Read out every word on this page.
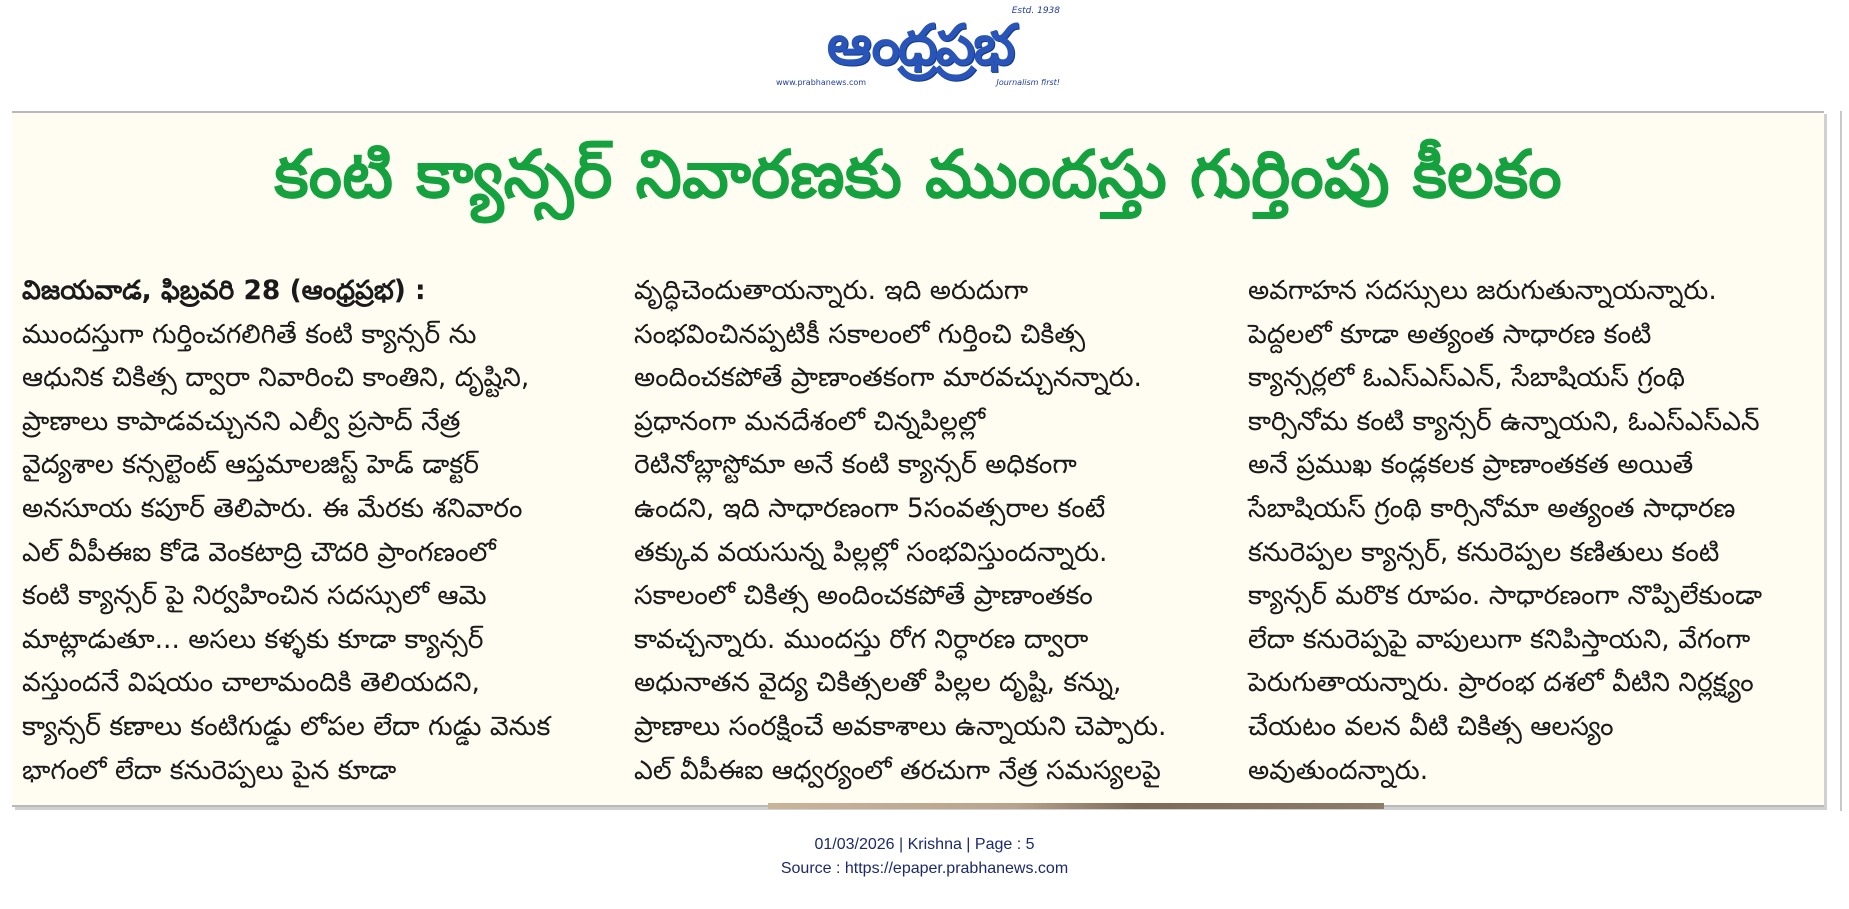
Estd. 1938
ఆంధ్రప్రభ
www.prabhanews.com	Journalism first!
కంటి క్యాన్సర్ నివారణకు ముందస్తు గుర్తింపు కీలకం

విజయవాడ, ఫిబ్రవరి 28 (ఆంధ్రప్రభ) :

ముందస్తుగా గుర్తించగలిగితే కంటి క్యాన్సర్ ను

ఆధునిక చికిత్స ద్వారా నివారించి కాంతిని, దృష్టిని,

ప్రాణాలు కాపాడవచ్చునని ఎల్వీ ప్రసాద్ నేత్ర

వైద్యశాల కన్సల్టెంట్ ఆప్తమాలజిస్ట్ హెడ్ డాక్టర్

అనసూయ కపూర్ తెలిపారు. ఈ మేరకు శనివారం

ఎల్ వీపీఈఐ కోడె వెంకటాద్రి చౌదరి ప్రాంగణంలో

కంటి క్యాన్సర్ పై నిర్వహించిన సదస్సులో ఆమె

మాట్లాడుతూ... అసలు కళ్ళకు కూడా క్యాన్సర్

వస్తుందనే విషయం చాలామందికి తెలియదని,

క్యాన్సర్ కణాలు కంటిగుడ్డు లోపల లేదా గుడ్డు వెనుక

భాగంలో లేదా కనురెప్పలు పైన కూడా

వృద్ధిచెందుతాయన్నారు. ఇది అరుదుగా

సంభవించినప్పటికీ సకాలంలో గుర్తించి చికిత్స

అందించకపోతే ప్రాణాంతకంగా మారవచ్చునన్నారు.

ప్రధానంగా మనదేశంలో చిన్నపిల్లల్లో

రెటినోబ్లాస్టోమా అనే కంటి క్యాన్సర్ అధికంగా

ఉందని, ఇది సాధారణంగా 5సంవత్సరాల కంటే

తక్కువ వయసున్న పిల్లల్లో సంభవిస్తుందన్నారు.

సకాలంలో చికిత్స అందించకపోతే ప్రాణాంతకం

కావచ్చన్నారు. ముందస్తు రోగ నిర్ధారణ ద్వారా

అధునాతన వైద్య చికిత్సలతో పిల్లల దృష్టి, కన్ను,

ప్రాణాలు సంరక్షించే అవకాశాలు ఉన్నాయని చెప్పారు.

ఎల్ వీపీఈఐ ఆధ్వర్యంలో తరచుగా నేత్ర సమస్యలపై

అవగాహన సదస్సులు జరుగుతున్నాయన్నారు.

పెద్దలలో కూడా అత్యంత సాధారణ కంటి

క్యాన్సర్లలో ఓఎస్ఎస్ఎన్, సేబాషియస్ గ్రంథి

కార్సినోమ కంటి క్యాన్సర్ ఉన్నాయని, ఓఎస్ఎస్ఎన్

అనే ప్రముఖ కండ్లకలక ప్రాణాంతకత అయితే

సేబాషియస్ గ్రంథి కార్సినోమా అత్యంత సాధారణ

కనురెప్పల క్యాన్సర్, కనురెప్పల కణితులు కంటి

క్యాన్సర్ మరొక రూపం. సాధారణంగా నొప్పిలేకుండా

లేదా కనురెప్పపై వాపులుగా కనిపిస్తాయని, వేగంగా

పెరుగుతాయన్నారు. ప్రారంభ దశలో వీటిని నిర్లక్ష్యం

చేయటం వలన వీటి చికిత్స ఆలస్యం

అవుతుందన్నారు.

01/03/2026 | Krishna | Page : 5
Source : https://epaper.prabhanews.com
